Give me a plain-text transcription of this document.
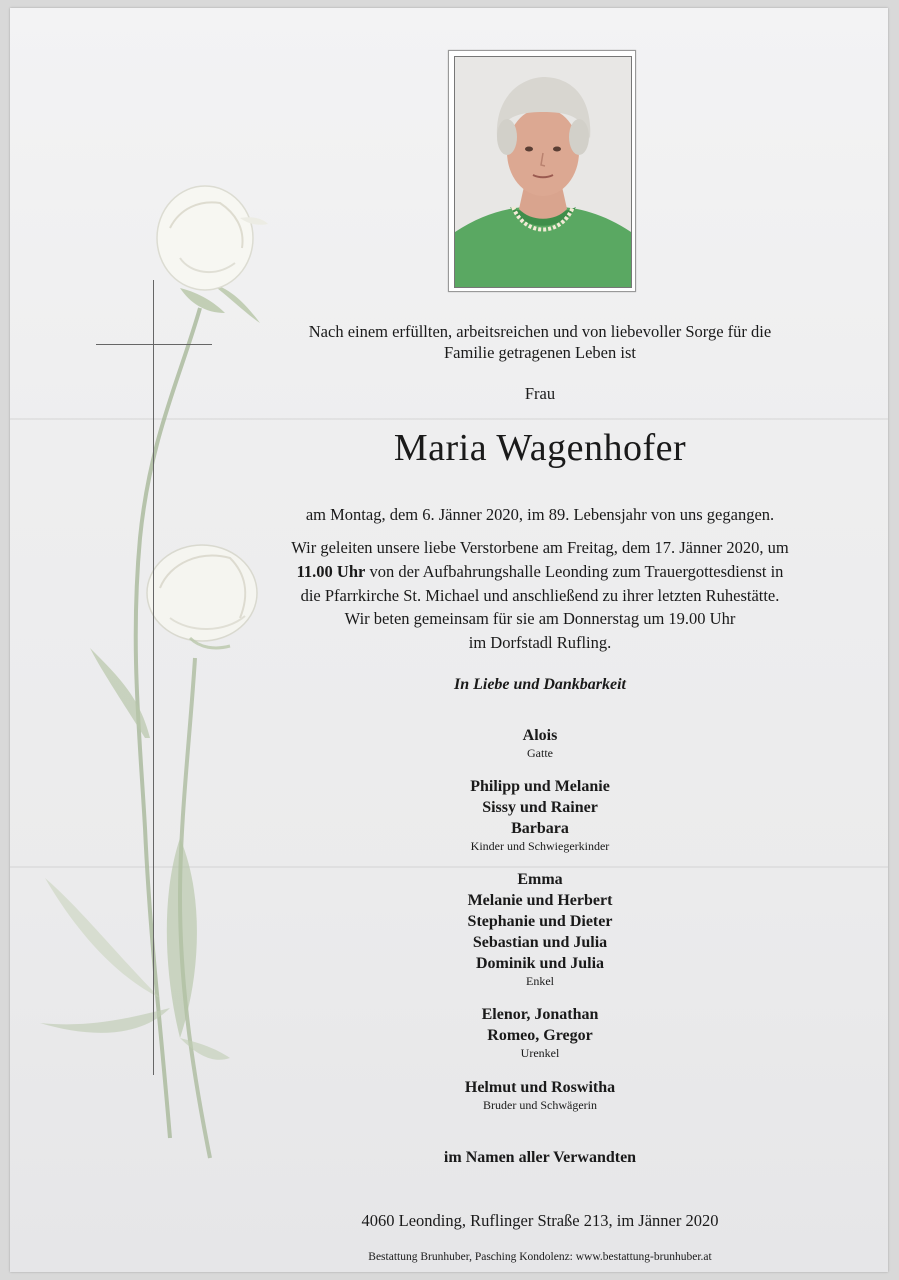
Nach einem erfüllten, arbeitsreichen und von liebevoller Sorge für die
Familie getragenen Leben ist
Frau
Maria Wagenhofer
am Montag, dem 6. Jänner 2020, im 89. Lebensjahr von uns gegangen.
Wir geleiten unsere liebe Verstorbene am Freitag, dem 17. Jänner 2020, um
11.00 Uhr von der Aufbahrungshalle Leonding zum Trauergottesdienst in
die Pfarrkirche St. Michael und anschließend zu ihrer letzten Ruhestätte.
Wir beten gemeinsam für sie am Donnerstag um 19.00 Uhr
im Dorfstadl Rufling.
In Liebe und Dankbarkeit
Alois
Gatte
Philipp und Melanie
Sissy und Rainer
Barbara
Kinder und Schwiegerkinder
Emma
Melanie und Herbert
Stephanie und Dieter
Sebastian und Julia
Dominik und Julia
Enkel
Elenor, Jonathan
Romeo, Gregor
Urenkel
Helmut und Roswitha
Bruder und Schwägerin
im Namen aller Verwandten
4060 Leonding, Ruflinger Straße 213, im Jänner 2020
Bestattung Brunhuber, Pasching Kondolenz: www.bestattung-brunhuber.at
